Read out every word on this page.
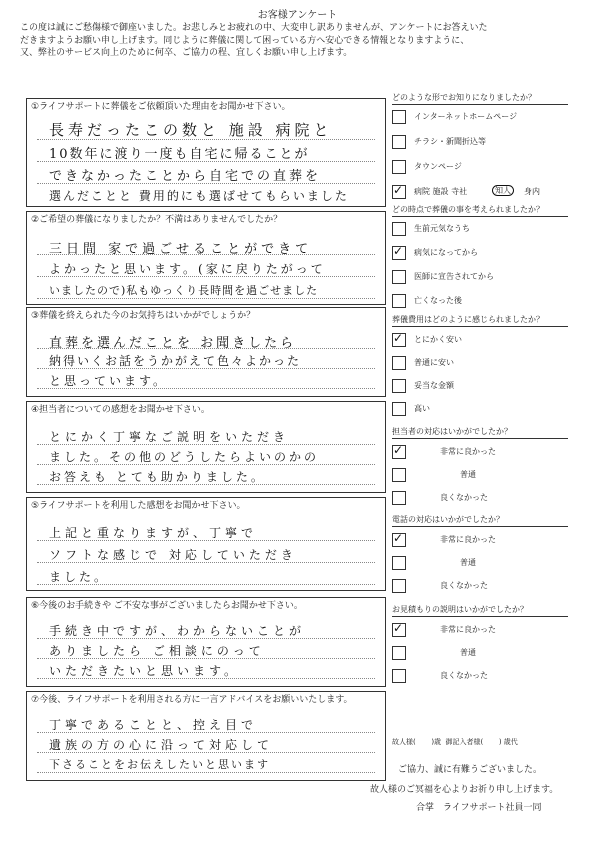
お客様アンケート
この度は誠にご愁傷様で御座いました。お悲しみとお疲れの中、大変申し訳ありませんが、アンケートにお答えいた
だきますようお願い申し上げます。同じように葬儀に関して困っている方へ安心できる情報となりますように、
又、弊社のサービス向上のために何卒、ご協力の程、宜しくお願い申し上げます。
①ライフサポートに葬儀をご依頼頂いた理由をお聞かせ下さい。
長寿だったこの数と 施設 病院と
10数年に渡り一度も自宅に帰ることが
できなかったことから自宅での直葬を
選んだことと 費用的にも選ばせてもらいました
②ご希望の葬儀になりましたか？不満はありませんでしたか？
三日間 家で過ごせることができて
よかったと思います。(家に戻りたがって
いましたので)私もゆっくり長時間を過ごせました
③葬儀を終えられた今のお気持ちはいかがでしょうか？
直葬を選んだことを お聞きしたら
納得いくお話をうかがえて色々よかった
と思っています。
④担当者についての感想をお聞かせ下さい。
とにかく丁寧なご説明をいただき
ました。その他のどうしたらよいのかの
お答えも とても助かりました。
⑤ライフサポートを利用した感想をお聞かせ下さい。
上記と重なりますが、丁寧で
ソフトな感じで 対応していただき
ました。
⑥今後のお手続きや ご不安な事がございましたらお聞かせ下さい。
手続き中ですが、わからないことが
ありましたら ご相談にのって
いただきたいと思います。
⑦今後、ライフサポートを利用される方に一言アドバイスをお願いいたします。
丁寧であることと、控え目で
遺族の方の心に沿って対応して
下さることをお伝えしたいと思います
どのような形でお知りになりましたか？
インターネットホームページ
チラシ・新聞折込等
タウンページ
✓ 病院 施設 寺社	知人	身内
どの時点で葬儀の事を考えられましたか？
生前元気なうち
✓ 病気になってから
医師に宣告されてから
亡くなった後
葬儀費用はどのように感じられましたか？
✓ とにかく安い
普通に安い
妥当な金額
高い
担当者の対応はいかがでしたか？
✓	非常に良かった
普通
良くなかった
電話の対応はいかがでしたか？
✓	非常に良かった
普通
良くなかった
お見積もりの説明はいかがでしたか？
✓	非常に良かった
普通
良くなかった
故人様( )歳 御記入者様( ) 歳代
ご協力、誠に有難うございました。
故人様のご冥福を心よりお祈り申し上げます。
合掌　ライフサポート社員一同
